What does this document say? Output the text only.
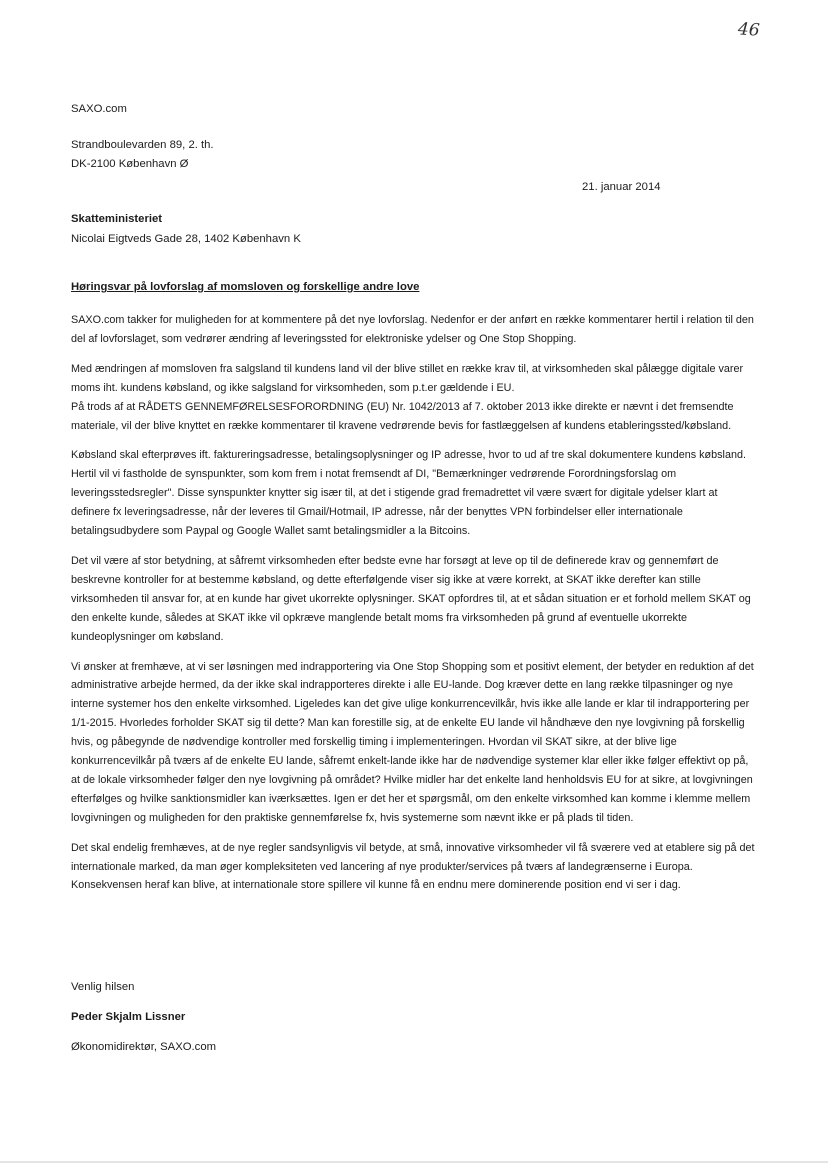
46
SAXO.com
Strandboulevarden 89, 2. th.
DK-2100 København Ø
21. januar 2014
Skatteministeriet
Nicolai Eigtveds Gade 28, 1402 København K
Høringsvar på lovforslag af momsloven og forskellige andre love

SAXO.com takker for muligheden for at kommentere på det nye lovforslag. Nedenfor er der anført en række kommentarer hertil i relation til den del af lovforslaget, som vedrører ændring af leveringssted for elektroniske ydelser og One Stop Shopping.

Med ændringen af momsloven fra salgsland til kundens land vil der blive stillet en række krav til, at virksomheden skal pålægge digitale varer moms iht. kundens købsland, og ikke salgsland for virksomheden, som p.t.er gældende i EU.

På trods af at RÅDETS GENNEMFØRELSESFORORDNING (EU) Nr. 1042/2013 af 7. oktober 2013 ikke direkte er nævnt i det fremsendte materiale, vil der blive knyttet en række kommentarer til kravene vedrørende bevis for fastlæggelsen af kundens etableringssted/købsland.

Købsland skal efterprøves ift. faktureringsadresse, betalingsoplysninger og IP adresse, hvor to ud af tre skal dokumentere kundens købsland. Hertil vil vi fastholde de synspunkter, som kom frem i notat fremsendt af DI, "Bemærkninger vedrørende Forordningsforslag om leveringsstedsregler". Disse synspunkter knytter sig især til, at det i stigende grad fremadrettet vil være svært for digitale ydelser klart at definere fx leveringsadresse, når der leveres til Gmail/Hotmail, IP adresse, når der benyttes VPN forbindelser eller internationale betalingsudbydere som Paypal og Google Wallet samt betalingsmidler a la Bitcoins.

Det vil være af stor betydning, at såfremt virksomheden efter bedste evne har forsøgt at leve op til de definerede krav og gennemført de beskrevne kontroller for at bestemme købsland, og dette efterfølgende viser sig ikke at være korrekt, at SKAT ikke derefter kan stille virksomheden til ansvar for, at en kunde har givet ukorrekte oplysninger. SKAT opfordres til, at et sådan situation er et forhold mellem SKAT og den enkelte kunde, således at SKAT ikke vil opkræve manglende betalt moms fra virksomheden på grund af eventuelle ukorrekte kundeoplysninger om købsland.

Vi ønsker at fremhæve, at vi ser løsningen med indrapportering via One Stop Shopping som et positivt element, der betyder en reduktion af det administrative arbejde hermed, da der ikke skal indrapporteres direkte i alle EU-lande. Dog kræver dette en lang række tilpasninger og nye interne systemer hos den enkelte virksomhed. Ligeledes kan det give ulige konkurrencevilkår, hvis ikke alle lande er klar til indrapportering per 1/1-2015. Hvorledes forholder SKAT sig til dette? Man kan forestille sig, at de enkelte EU lande vil håndhæve den nye lovgivning på forskellig hvis, og påbegynde de nødvendige kontroller med forskellig timing i implementeringen. Hvordan vil SKAT sikre, at der blive lige konkurrencevilkår på tværs af de enkelte EU lande, såfremt enkelt-lande ikke har de nødvendige systemer klar eller ikke følger effektivt op på, at de lokale virksomheder følger den nye lovgivning på området? Hvilke midler har det enkelte land henholdsvis EU for at sikre, at lovgivningen efterfølges og hvilke sanktionsmidler kan iværksættes. Igen er det her et spørgsmål, om den enkelte virksomhed kan komme i klemme mellem lovgivningen og muligheden for den praktiske gennemførelse fx, hvis systemerne som nævnt ikke er på plads til tiden.

Det skal endelig fremhæves, at de nye regler sandsynligvis vil betyde, at små, innovative virksomheder vil få sværere ved at etablere sig på det internationale marked, da man øger kompleksiteten ved lancering af nye produkter/services på tværs af landegrænserne i Europa. Konsekvensen heraf kan blive, at internationale store spillere vil kunne få en endnu mere dominerende position end vi ser i dag.

Venlig hilsen
Peder Skjalm Lissner
Økonomidirektør, SAXO.com
